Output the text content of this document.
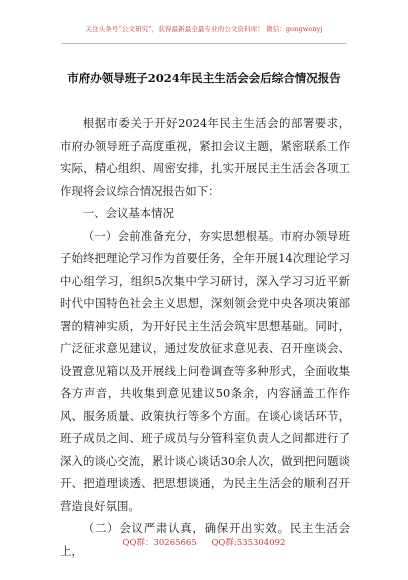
关注头条号“公文研究”，获得最新最全最专业的公文资料库！ 微信：gongwenyj
市府办领导班子2024年民主生活会会后综合情况报告

根据市委关于开好2024年民主生活会的部署要求，市府办领导班子高度重视，紧扣会议主题，紧密联系工作实际，精心组织、周密安排，扎实开展民主生活会各项工作现将会议综合情况报告如下：

一、会议基本情况

（一）会前准备充分，夯实思想根基。市府办领导班子始终把理论学习作为首要任务，全年开展14次理论学习中心组学习，组织5次集中学习研讨，深入学习习近平新时代中国特色社会主义思想，深刻领会党中央各项决策部署的精神实质，为开好民主生活会筑牢思想基础。同时，广泛征求意见建议，通过发放征求意见表、召开座谈会、设置意见箱以及开展线上问卷调查等多种形式，全面收集各方声音，共收集到意见建议50条余，内容涵盖工作作风、服务质量、政策执行等多个方面。在谈心谈话环节，班子成员之间、班子成员与分管科室负责人之间都进行了深入的谈心交流，累计谈心谈话30余人次，做到把问题谈开、把道理谈透、把思想谈通，为民主生活会的顺利召开营造良好氛围。

（二）会议严肃认真，确保开出实效。民主生活会上，

QQ群：30265665 QQ群:535304092
